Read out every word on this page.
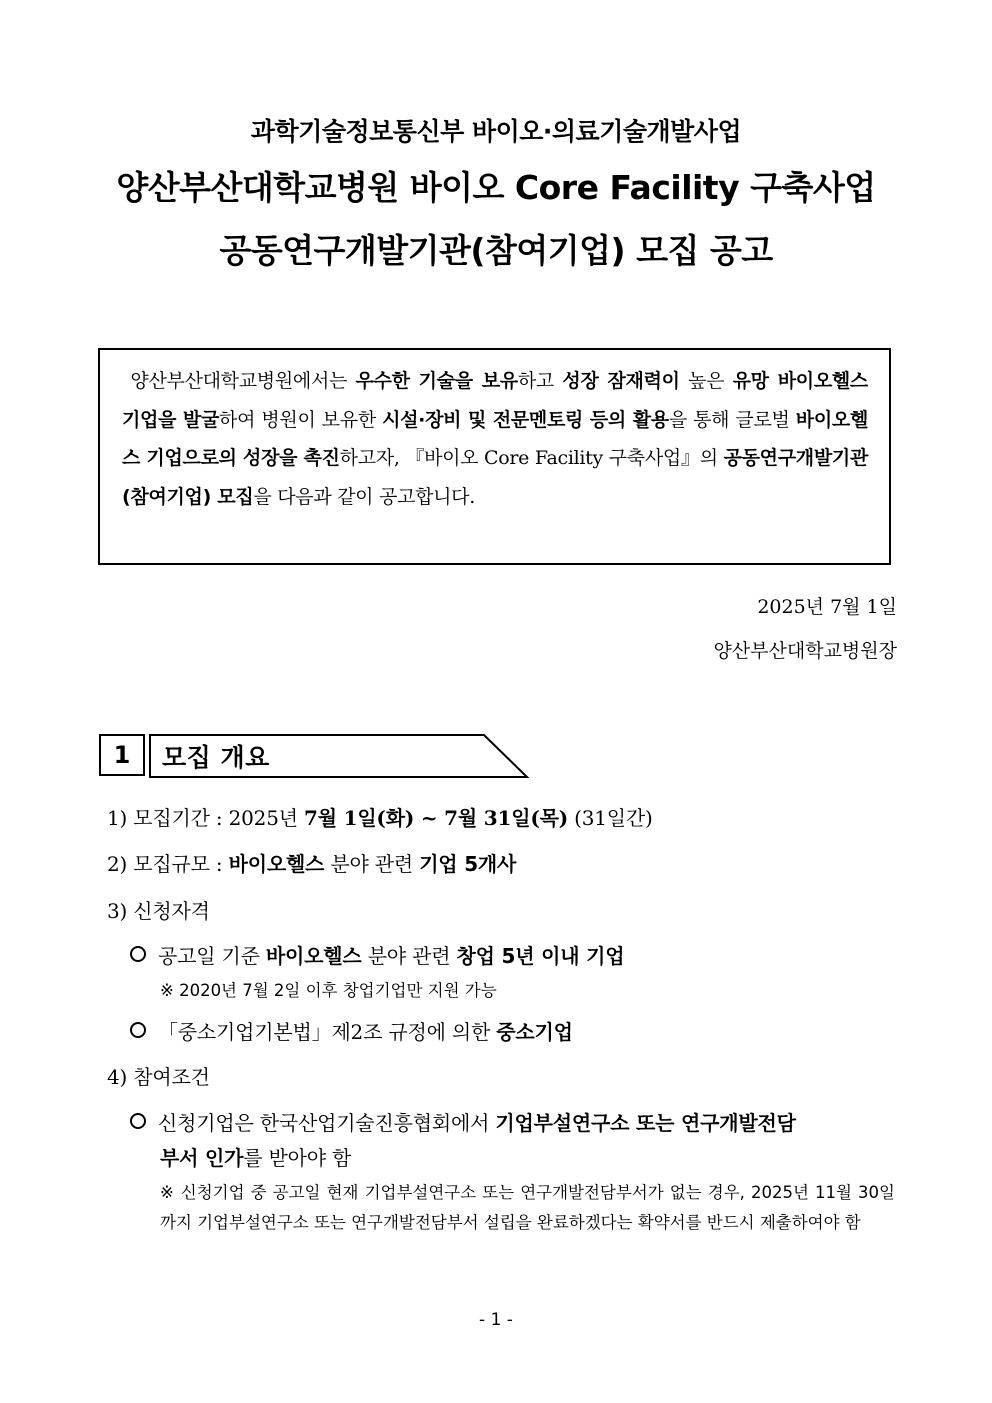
과학기술정보통신부 바이오·의료기술개발사업
양산부산대학교병원 바이오 Core Facility 구축사업
공동연구개발기관(참여기업) 모집 공고
양산부산대학교병원에서는 우수한 기술을 보유하고 성장 잠재력이 높은 유망 바이오헬스 기업을 발굴하여 병원이 보유한 시설·장비 및 전문멘토링 등의 활용을 통해 글로벌 바이오헬스 기업으로의 성장을 촉진하고자, 『바이오 Core Facility 구축사업』의 공동연구개발기관(참여기업) 모집을 다음과 같이 공고합니다.
2025년 7월 1일
양산부산대학교병원장
1	모집 개요
1) 모집기간 : 2025년 7월 1일(화) ~ 7월 31일(목) (31일간)
2) 모집규모 : 바이오헬스 분야 관련 기업 5개사
3) 신청자격
공고일 기준 바이오헬스 분야 관련 창업 5년 이내 기업
※ 2020년 7월 2일 이후 창업기업만 지원 가능
「중소기업기본법」제2조 규정에 의한 중소기업
4) 참여조건
신청기업은 한국산업기술진흥협회에서 기업부설연구소 또는 연구개발전담
부서 인가를 받아야 함
※ 신청기업 중 공고일 현재 기업부설연구소 또는 연구개발전담부서가 없는 경우, 2025년 11월 30일까지 기업부설연구소 또는 연구개발전담부서 설립을 완료하겠다는 확약서를 반드시 제출하여야 함
- 1 -
